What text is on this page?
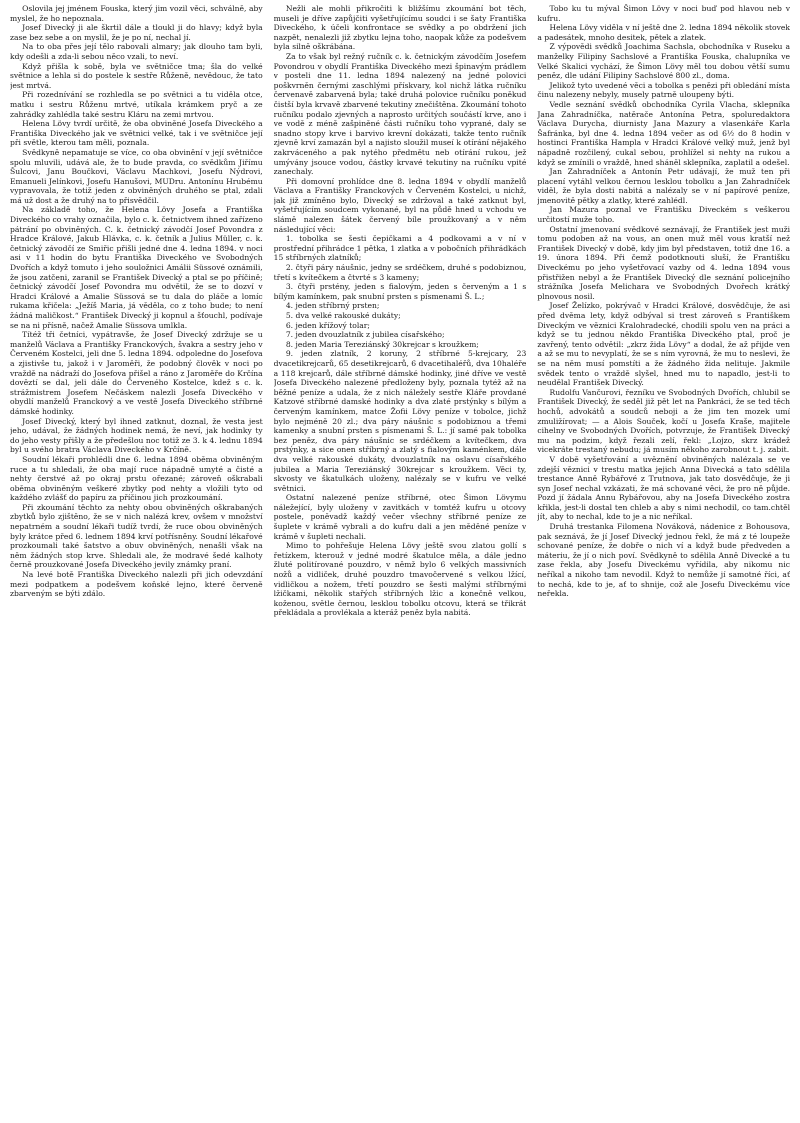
Oslovila jej jménem Fouska, který jim vozil věci, schválně, aby myslel, že ho nepoznala.

Josef Divecký ji ale škrtil dále a tloukl ji do hlavy; když byla zase bez sebe a on myslil, že je po ní, nechal jí.

Na to oba přes její tělo rabovali almary; jak dlouho tam byli, kdy odešli a zda-li sebou něco vzali, to neví.

Když přišla k sobě, byla ve světničce tma; šla do velké světnice a lehla si do postele k sestře Růženě, nevědouc, že tato jest mrtvá.

Při rozednívání se rozhledla se po světnici a tu viděla otce, matku i sestru Růženu mrtvé, utíkala krámkem pryč a ze zahrádky zahlédla také sestru Kláru na zemi mrtvou.

Helena Lövy tvrdí určitě, že oba obviněné Josefa Diveckého a Františka Diveckého jak ve světnici velké, tak i ve světničce její při světle, kterou tam měli, poznala.

Svědkyně nepamatuje se více, co oba obvinění v její světničce spolu mluvili, udává ale, že to bude pravda, co svědkům Jiřímu Šulcovi, Janu Boučkovi, Václavu Machkovi, Josefu Nýdrovi, Emanueli Jelínkovi, Josefu Hanušovi, MUDru. Antonínu Hrubému vypravovala, že totiž jeden z obviněných druhého se ptal, zdali má už dost a že druhý na to přisvědčil.

Na základě toho, že Helena Lövy Josefa a Františka Diveckého co vrahy označila, bylo c. k. četnictvem ihned zařízeno pátrání po obviněných. C. k. četnický závodčí Josef Povondra z Hradce Králové, Jakub Hlávka, c. k. četník a Julius Müller, c. k. četnický závodčí ze Smiřic přišli jedné dne 4. ledna 1894. v noci asi v 11 hodin do bytu Františka Diveckého ve Svobodných Dvořích a když tomuto i jeho souložnici Amálii Süssové oznámili, že jsou zatčeni, zaranil se František Divecký a ptal se po příčině; četnický závodčí Josef Povondra mu odvětil, že se to dozví v Hradci Králové a Amalie Süssová se tu dala do pláče a lomíc rukama křičela: „Ježíš Maria, já věděla, co z toho bude; to není žádná maličkost.“ František Divecký ji kopnul a šťouchl, podívaje se na ni přísně, načež Amalie Süssova umlkla.

Títéž tři četníci, vypátravše, že Josef Divecký zdržuje se u manželů Václava a Františky Franckových, švakra a sestry jeho v Červeném Kostelci, jeli dne 5. ledna 1894. odpoledne do Josefova a zjistivše tu, jakož i v Jaroměři, že podobný člověk v noci po vraždě na nádraží do Josefova přišel a ráno z Jaroměře do Krčína dověztí se dal, jeli dále do Červeného Kostelce, kdež s c. k. strážmistrem Josefem Nečáskem nalezli Josefa Diveckého v obydlí manželů Franckový a ve vestě Josefa Diveckého stříbrné dámské hodinky.

Josef Divecký, který byl ihned zatknut, doznal, že vesta jest jeho, udával, že žádných hodinek nemá, že neví, jak hodinky ty do jeho vesty přišly a že předešlou noc totiž ze 3. k 4. lednu 1894 byl u svého bratra Václava Diveckého v Krčíně.

Soudní lékaři prohlédli dne 6. ledna 1894 oběma obviněným ruce a tu shledali, že oba mají ruce nápadně umyté a čisté a nehty čerstvé až po okraj prstu ořezané; zároveň oškrabali oběma obviněným veškeré zbytky pod nehty a vložili tyto od každého zvlášť do papíru za příčinou jich prozkoumání.

Při zkoumání těchto za nehty obou obviněných oškrabaných zbytků bylo zjištěno, že se v nich nalézá krev, ovšem v množství nepatrném a soudní lékaři tudíž tvrdí, že ruce obou obviněných byly krátce před 6. lednem 1894 krví potřísněny. Soudní lékařové prozkoumali také šatstvo a obuv obviněných, nenašli však na něm žádných stop krve. Shledali ale, že modravé šedé kalhoty černě prouzkované Josefa Diveckého jevily známky praní.

Na levé botě Františka Diveckého nalezli při jich odevzdání mezi podpatkem a podešvem koňské lejno, které červeně zbarveným se býti zdálo.

Nežli ale mohli přikročiti k bližšímu zkoumání bot těch, museli je dříve zapůjčiti vyšetřujícímu soudci i se šaty Františka Diveckého, k účeli konfrontace se svědky a po obdržení jich nazpět, nenalezli již zbytku lejna toho, naopak kůže za podešvem byla silně oškrábána.

Za to však byl režný ručník c. k. četnickým závodčím Josefem Povondrou v obydlí Františka Diveckého mezi špinavým prádlem v posteli dne 11. ledna 1894 nalezený na jedné polovici poškvrněn černými zaschlými přískvary, kol nichž látka ručníku červenavě zabarvená byla; také druhá polovice ručníku poněkud čistší byla krvavě zbarvené tekutiny znečištěna. Zkoumání tohoto ručníku podalo zjevných a naprosto určitých součástí krve, ano i ve vodě z méně zašpiněné části ručníku toho vyprané, daly se snadno stopy krve i barvivo krevní dokázati, takže tento ručník zjevně krví zamazán byl a najisto sloužil museí k otírání nějakého zakrváceného a pak nytého předmětu neb otírání rukou, jež umývány jsouce vodou, částky krvavé tekutiny na ručníku vpité zanechaly.

Při domovní prohlídce dne 8. ledna 1894 v obydlí manželů Václava a Františky Franckových v Červeném Kostelci, u nichž, jak již zmíněno bylo, Divecký se zdržoval a také zatknut byl, vyšetřujícím soudcem vykonané, byl na půdě hned u vchodu ve slámě nalezen šátek červený bíle proužkovaný a v něm následující věci:

1. tobolka se šesti čepičkami a 4 podkovami a v ní v prostřední přihrádce 1 pětka, 1 zlatka a v pobočních přihrádkách 15 stříbrných zlatníků;

2. čtyři páry náušnic, jedny se srdéčkem, druhé s podobiznou, třetí s kvítečkem a čtvrté s 3 kameny;

3. čtyři prstény, jeden s fialovým, jeden s červeným a 1 s bílým kamínkem, pak snubní prsten s písmenami Š. L.;

4. jeden stříbrný prsten;

5. dva velké rakouské dukáty;

6. jeden křížový tolar;

7. jeden dvouzlatník z jubilea císařského;

8. jeden Maria Tereziánský 30krejcar s kroužkem;

9. jeden zlatník, 2 koruny, 2 stříbrné 5-krejcary, 23 dvacetikrejcarů, 65 desetikrejcarů, 6 dvacetihaléřů, dva 10haléře a 118 krejcarů, dále stříbrné dámské hodinky, jiné dříve ve vestě Josefa Diveckého nalezené předloženy byly, poznala tytéž až na běžné peníze a udala, že z nich náležely sestře Kláře provdané Katzové stříbrné damské hodinky a dva zlaté prstýnky s bílým a červeným kamínkem, matce Žofii Lövy peníze v tobolce, jichž bylo nejméně 20 zl.; dva páry náušnic s podobiznou a třemi kamenky a snubní prsten s písmenami Š. L.: jí samé pak tobolka bez peněz, dva páry náušnic se srdéčkem a kvítečkem, dva prstýnky, a sice onen stříbrný a zlatý s fialovým kaménkem, dále dva velké rakouské dukáty, dvouzlatník na oslavu císařského jubilea a Maria Tereziánský 30krejcar s kroužkem. Věci ty, skvosty ve škatulkách uloženy, nalézaly se v kufru ve velké světnici.

Ostatní nalezené peníze stříbrné, otec Šimon Lövymu náležející, byly uloženy v zavitkách v tomtéž kufru u otcovy postele, poněvadž každý večer všechny stříbrné peníze ze šuplete v krámě vybrali a do kufru dali a jen měděné peníze v krámě v šupleti nechali.

Mimo to pohřešuje Helena Lövy ještě svou zlatou gollí s řetízkem, kterouž v jedné modré škatulce měla, a dále jedno žluté politírované pouzdro, v němž bylo 6 velkých massivních nožů a vidliček, druhé pouzdro tmavočervené s velkou lžící, vidličkou a nožem, třetí pouzdro se šesti malými stříbrnými lžičkami, několik stařých stříbrných lžic a konečně velkou, koženou, světle černou, lesklou tobolku otcovu, která se třikrát překládala a provlékala a kteráž peněz byla nabitá.

Tobo ku tu mýval Šimon Lövy v noci buď pod hlavou neb v kufru.

Helena Lövy viděla v ní ještě dne 2. ledna 1894 několik stovek a padesátek, mnoho desitek, pětek a zlatek.

Z výpovědi svědků Joachima Sachsla, obchodníka v Ruseku a manželky Filipiny Sachslové a Františka Fouska, chalupníka ve Velké Skalici vychází, že Šimon Lövy měl tou dobou větší sumu peněz, dle udání Filipiny Sachslové 800 zl., doma.

Jelikož tyto uvedené věci a tobolka s penězi při obledání místa činu nalezeny nebyly, musely patrně uloupeny býti.

Vedle seznání svědků obchodníka Cyrila Vlacha, sklepníka Jana Zahradníčka, natěrače Antonína Petra, spoluredaktora Václava Durycha, diurnisty Jana Mazury a vlasenkáře Karla Šafránka, byl dne 4. ledna 1894 večer as od 6½ do 8 hodin v hostinci Františka Hampla v Hradci Králové velký muž, jenž byl nápadně rozčilený, cukal sebou, prohlížel si nehty na rukou a když se zmínili o vraždě, hned sháněl sklepníka, zaplatil a odešel.

Jan Zahradníček a Antonín Petr udávají, že muž ten při placení vytáhl velkou černou lesklou tobolku a Jan Zahradníček viděl, že byla dosti nabitá a nalézaly se v ní papírové peníze, jmenovitě pětky a zlatky, které zahlédl.

Jan Mazura poznal ve Františku Diveckém s veškerou určitostí muže toho.

Ostatní jmenovaní svědkové seznávají, že František jest muži tomu podoben až na vous, an onen muž měl vous kratší než František Divecký v době, kdy jim byl představen, totiž dne 16. a 19. února 1894. Při čemž podotknouti sluší, že Františku Diveckému po jeho vyšetřovací vazby od 4. ledna 1894 vous přistřižen nebyl a že František Divecký dle seznání policejního strážníka Josefa Melichara ve Svobodných Dvořech krátký plnovous nosil.

Josef Želízko, pokrývač v Hradci Králové, dosvědčuje, že asi před dvěma lety, když odbýval si trest zároveň s Františkem Diveckým ve věznici Kralohradecké, chodili spolu ven na práci a když se tu jednou někdo Františka Diveckého ptal, proč je zavřený, tento odvětil: „zkrz žida Lövy“ a dodal, že až přijde ven a až se mu to nevyplatí, že se s ním vyrovná, že mu to neslevi, že se na něm musí pomstíti a že žádného žida nelituje. Jakmile svědek tento o vraždě slyšel, hned mu to napadlo, jest-li to neudělal František Divecký.

Rudolfu Vančurovi, řezníku ve Svobodných Dvořích, chlubil se František Divecký, že seděl již pět let na Pankráci, že se ted těch hochů, advokátů a soudců neboji a že jim ten mozek umí zmuližírovat; — a Alois Souček, kočí u Josefa Kraše, majitele cihelny ve Svobodných Dvořích, potvrzuje, že František Divecký mu na podzim, když řezali zelí, řekl: „Lojzo, skrz krádež vicekráte trestaný nebudu; já musím někoho zarobnout t. j. zabit.

V době vyšetřování a uvěznění obviněných nalézala se ve zdejší věznici v trestu matka jejich Anna Divecká a tato sdělila trestance Anně Rybářové z Trutnova, jak tato dosvědčuje, že ji syn Josef nechal vzkázati, že má schované věci, že pro ně půjde. Pozd jí žádala Annu Rybářovou, aby na Josefa Diveckého zostra křikla, jest-li dostal ten chleb a aby s nimi nechodil, co tam.chtěl jít, aby to nechal, kde to je a nic neříkal.

Druhá trestanka Filomena Nováková, nádenice z Bohousova, pak seznává, že jí Josef Divecký jednou řekl, že má z té loupeže schované peníze, že dobře o nich ví a když bude předveden a máteriu, že jí o nich poví. Svědkyně to sdělila Anně Divecké a tu zase řekla, aby Josefu Diveckému vyřídila, aby nikomu nic neříkal a nikoho tam nevodil. Když to nemůže jí samotné říci, ať to nechá, kde to je, ať to shnije, což ale Josefu Diveckému více neřekla.
